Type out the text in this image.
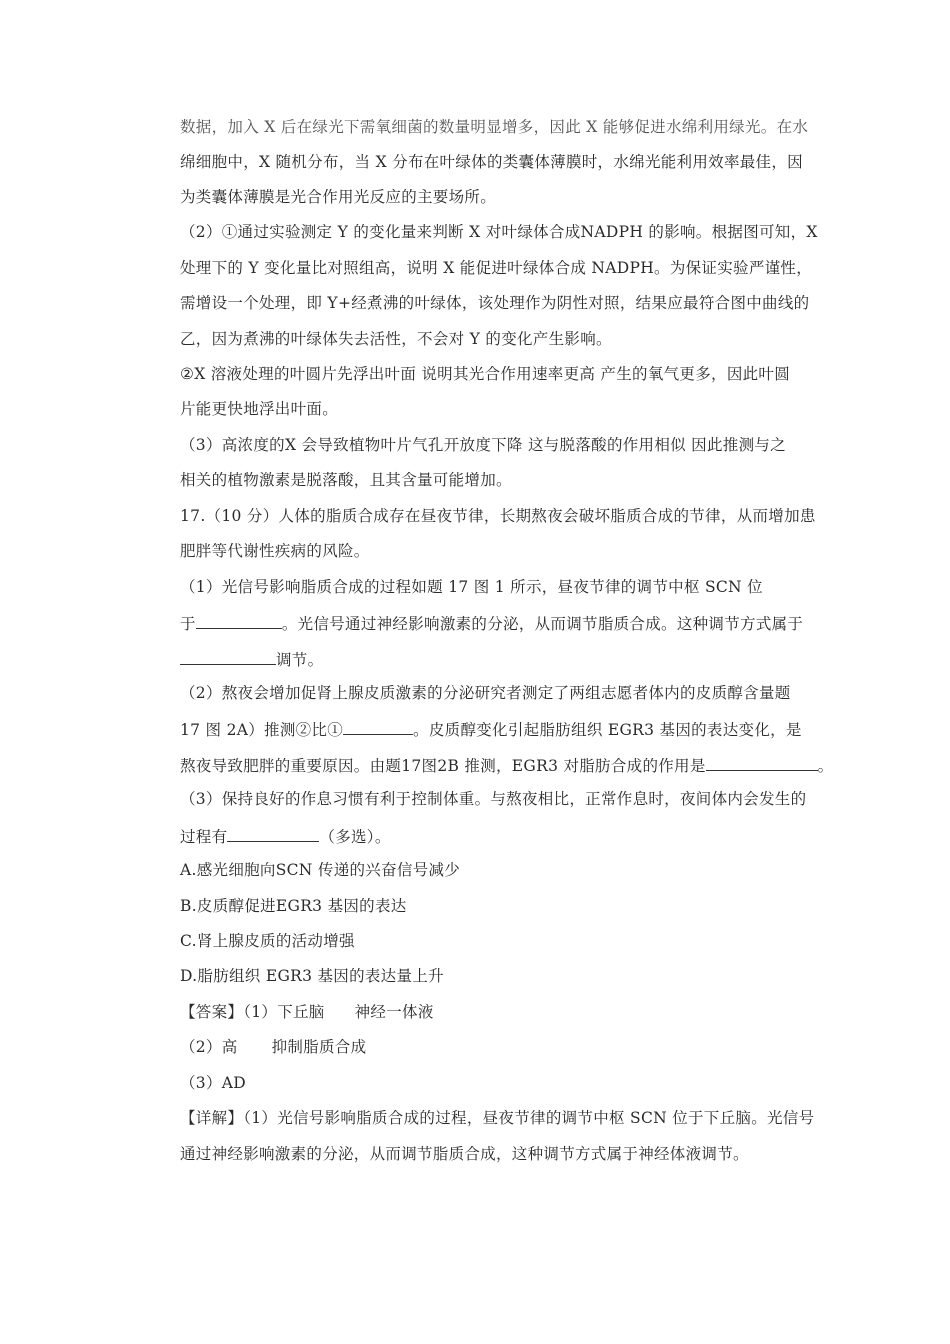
数据，加入 X 后在绿光下需氧细菌的数量明显增多，因此 X 能够促进水绵利用绿光。在水
绵细胞中，X 随机分布，当 X 分布在叶绿体的类囊体薄膜时，水绵光能利用效率最佳，因
为类囊体薄膜是光合作用光反应的主要场所。
（2）①通过实验测定 Y 的变化量来判断 X 对叶绿体合成NADPH 的影响。根据图可知，X
处理下的 Y 变化量比对照组高，说明 X 能促进叶绿体合成 NADPH。为保证实验严谨性，
需增设一个处理，即 Y+经煮沸的叶绿体，该处理作为阴性对照，结果应最符合图中曲线的
乙，因为煮沸的叶绿体失去活性，不会对 Y 的变化产生影响。
②X 溶液处理的叶圆片先浮出叶面 说明其光合作用速率更高 产生的氧气更多，因此叶圆
片能更快地浮出叶面。
（3）高浓度的X 会导致植物叶片气孔开放度下降 这与脱落酸的作用相似 因此推测与之
相关的植物激素是脱落酸，且其含量可能增加。
17.（10 分）人体的脂质合成存在昼夜节律，长期熬夜会破坏脂质合成的节律，从而增加患
肥胖等代谢性疾病的风险。
（1）光信号影响脂质合成的过程如题 17 图 1 所示，昼夜节律的调节中枢 SCN 位
于	。光信号通过神经影响激素的分泌，从而调节脂质合成。这种调节方式属于
调节。
（2）熬夜会增加促肾上腺皮质激素的分泌研究者测定了两组志愿者体内的皮质醇含量题
17 图 2A）推测②比①	。皮质醇变化引起脂肪组织 EGR3 基因的表达变化，是
熬夜导致肥胖的重要原因。由题17图2B 推测，EGR3 对脂肪合成的作用是	。
（3）保持良好的作息习惯有利于控制体重。与熬夜相比，正常作息时，夜间体内会发生的
过程有	（多选）。
A.感光细胞向SCN 传递的兴奋信号减少
B.皮质醇促进EGR3 基因的表达
C.肾上腺皮质的活动增强
D.脂肪组织 EGR3 基因的表达量上升
【答案】（1）下丘脑 神经一体液
（2）高 抑制脂质合成
（3）AD
【详解】（1）光信号影响脂质合成的过程，昼夜节律的调节中枢 SCN 位于下丘脑。光信号
通过神经影响激素的分泌，从而调节脂质合成，这种调节方式属于神经体液调节。
